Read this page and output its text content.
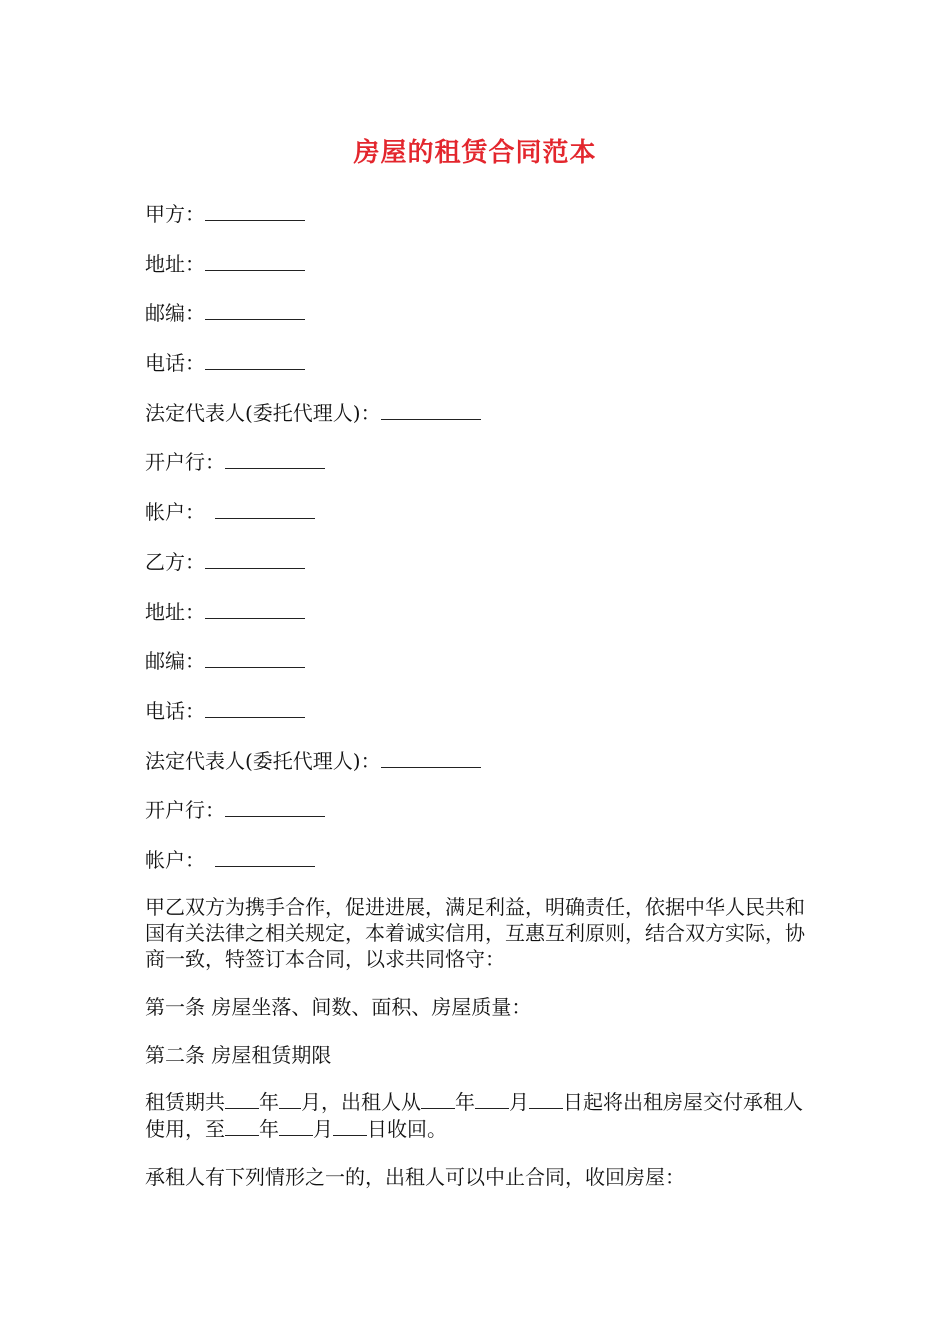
房屋的租赁合同范本
甲方：
地址：
邮编：
电话：
法定代表人(委托代理人)：
开户行：
帐户：
乙方：
地址：
邮编：
电话：
法定代表人(委托代理人)：
开户行：
帐户：

甲乙双方为携手合作，促进进展，满足利益，明确责任，依据中华人民共和国有关法律之相关规定，本着诚实信用，互惠互利原则，结合双方实际，协商一致，特签订本合同，以求共同恪守：

第一条 房屋坐落、间数、面积、房屋质量：
第二条 房屋租赁期限

租赁期共 年 月，出租人从 年 月 日起将出租房屋交付承租人使用，至 年 月 日收回。

承租人有下列情形之一的，出租人可以中止合同，收回房屋：
